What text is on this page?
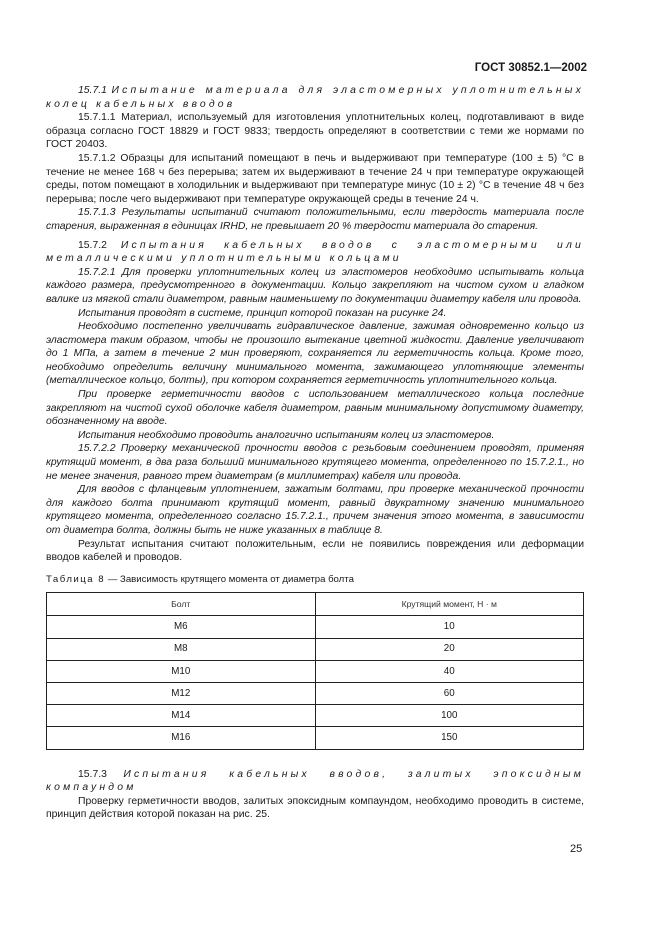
ГОСТ 30852.1—2002

15.7.1 Испытание материала для эластомерных уплотнительных колец кабельных вводов

15.7.1.1 Материал, используемый для изготовления уплотнительных колец, подготавливают в виде образца согласно ГОСТ 18829 и ГОСТ 9833; твердость определяют в соответствии с теми же нормами по ГОСТ 20403.

15.7.1.2 Образцы для испытаний помещают в печь и выдерживают при температуре (100 ± 5) °С в течение не менее 168 ч без перерыва; затем их выдерживают в течение 24 ч при температуре окружающей среды, потом помещают в холодильник и выдерживают при температуре минус (10 ± 2) °С в течение 48 ч без перерыва; после чего выдерживают при температуре окружающей среды в течение 24 ч.

15.7.1.3 Результаты испытаний считают положительными, если твердость материала после старения, выраженная в единицах IRHD, не превышает 20 % твердости материала до старения.

15.7.2 Испытания кабельных вводов с эластомерными или металлическими уплотнительными кольцами

15.7.2.1 Для проверки уплотнительных колец из эластомеров необходимо испытывать кольца каждого размера, предусмотренного в документации. Кольцо закрепляют на чистом сухом и гладком валике из мягкой стали диаметром, равным наименьшему по документации диаметру кабеля или провода.

Испытания проводят в системе, принцип которой показан на рисунке 24.

Необходимо постепенно увеличивать гидравлическое давление, зажимая одновременно кольцо из эластомера таким образом, чтобы не произошло вытекание цветной жидкости. Давление увеличивают до 1 МПа, а затем в течение 2 мин проверяют, сохраняется ли герметичность кольца. Кроме того, необходимо определить величину минимального момента, зажимающего уплотняющие элементы (металлическое кольцо, болты), при котором сохраняется герметичность уплотнительного кольца.

При проверке герметичности вводов с использованием металлического кольца последние закрепляют на чистой сухой оболочке кабеля диаметром, равным минимальному допустимому диаметру, обозначенному на вводе.

Испытания необходимо проводить аналогично испытаниям колец из эластомеров.

15.7.2.2 Проверку механической прочности вводов с резьбовым соединением проводят, применяя крутящий момент, в два раза больший минимального крутящего момента, определенного по 15.7.2.1., но не менее значения, равного трем диаметрам (в миллиметрах) кабеля или провода.

Для вводов с фланцевым уплотнением, зажатым болтами, при проверке механической прочности для каждого болта принимают крутящий момент, равный двукратному значению минимального крутящего момента, определенного согласно 15.7.2.1., причем значения этого момента, в зависимости от диаметра болта, должны быть не ниже указанных в таблице 8.

Результат испытания считают положительным, если не появились повреждения или деформации вводов кабелей и проводов.

Таблица 8 — Зависимость крутящего момента от диаметра болта
Болт	Крутящий момент, Н · м
М6	10
М8	20
М10	40
М12	60
М14	100
М16	150

15.7.3 Испытания кабельных вводов, залитых эпоксидным компаундом

Проверку герметичности вводов, залитых эпоксидным компаундом, необходимо проводить в системе, принцип действия которой показан на рис. 25.

25
